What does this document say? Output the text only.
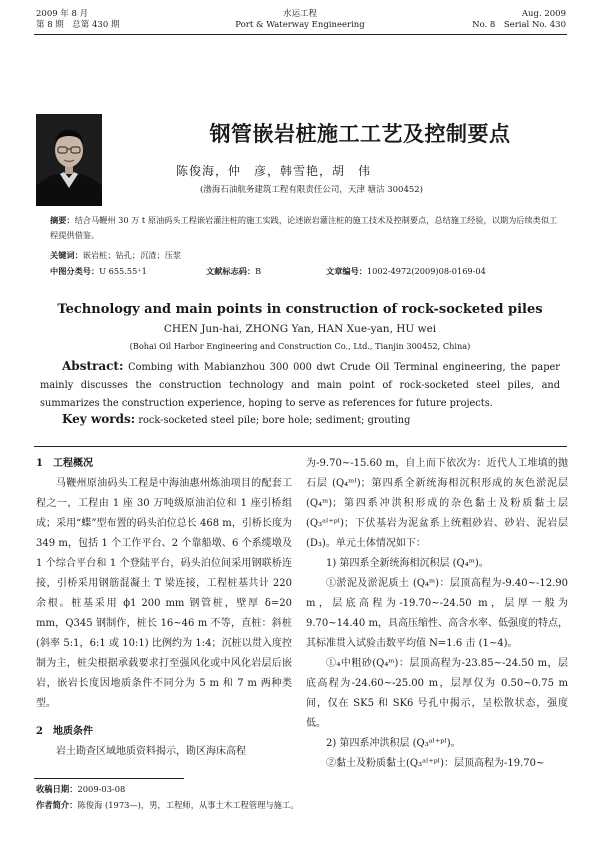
2009 年 8 月
第 8 期　总第 430 期
水运工程
Port & Waterway Engineering
Aug. 2009
No. 8　Serial No. 430
钢管嵌岩桩施工工艺及控制要点
陈俊海，仲　彦，韩雪艳，胡　伟
(渤海石油航务建筑工程有限责任公司，天津 塘沽 300452)
摘要：结合马鞭州 30 万 t 原油码头工程嵌岩灌注桩的施工实践，论述嵌岩灌注桩的施工技术及控制要点，总结施工经验，以期为后续类似工程提供借鉴。
关键词：嵌岩桩；钻孔；沉渣；压浆
中图分类号：U 655.55⁺1	文献标志码：B	文章编号：1002-4972(2009)08-0169-04
Technology and main points in construction of rock-socketed piles
CHEN Jun-hai, ZHONG Yan, HAN Xue-yan, HU wei
(Bohai Oil Harbor Engineering and Construction Co., Ltd., Tianjin 300452, China)
Abstract: Combing with Mabianzhou 300 000 dwt Crude Oil Terminal engineering, the paper mainly discusses the construction technology and main point of rock-socketed steel piles, and summarizes the construction experience, hoping to serve as references for future projects.
Key words: rock-socketed steel pile; bore hole; sediment; grouting
1　工程概况

马鞭州原油码头工程是中海油惠州炼油项目的配套工程之一，工程由 1 座 30 万吨级原油泊位和 1 座引桥组成；采用“蝶”型布置的码头泊位总长 468 m，引桥长度为 349 m，包括 1 个工作平台、2 个靠船墩、6 个系缆墩及 1 个综合平台和 1 个登陆平台，码头泊位间采用钢联桥连接，引桥采用钢筋混凝土 T 梁连接，工程桩基共计 220 余根。桩基采用 ϕ1 200 mm 钢管桩，壁厚 δ=20 mm，Q345 钢制作，桩长 16~46 m 不等，直桩：斜桩(斜率 5:1，6:1 或 10:1) 比例约为 1:4；沉桩以贯入度控制为主，桩尖根据承载要求打至强风化或中风化岩层后嵌岩，嵌岩长度因地质条件不同分为 5 m 和 7 m 两种类型。

2　地质条件

岩土勘查区域地质资料揭示，勘区海床高程

为-9.70~-15.60 m，自上而下依次为：近代人工堆填的抛石层 (Q₄ᵐˡ)；第四系全新统海相沉积形成的灰色淤泥层 (Q₄ᵐ)；第四系冲洪积形成的杂色黏土及粉质黏土层 (Q₃ᵃˡ⁺ᵖˡ)；下伏基岩为泥盆系上统粗砂岩、砂岩、泥岩层 (D₃)。单元土体情况如下：

1) 第四系全新统海相沉积层 (Q₄ᵐ)。

①淤泥及淤泥质土 (Q₄ᵐ)：层顶高程为-9.40~-12.90 m，层底高程为-19.70~-24.50 m，层厚一般为 9.70~14.40 m，具高压缩性、高含水率、低强度的特点，其标准贯入试验击数平均值 N=1.6 击 (1~4)。

①₄中粗砂(Q₄ᵐ)：层顶高程为-23.85~-24.50 m，层底高程为-24.60~-25.00 m，层厚仅为 0.50~0.75 m 间，仅在 SK5 和 SK6 号孔中揭示，呈松散状态，强度低。

2) 第四系冲洪积层 (Q₃ᵃˡ⁺ᵖˡ)。

②黏土及粉质黏土(Q₃ᵃˡ⁺ᵖˡ)：层顶高程为-19.70~

收稿日期：2009-03-08
作者简介：陈俊海 (1973—)，男，工程师，从事土木工程管理与施工。
